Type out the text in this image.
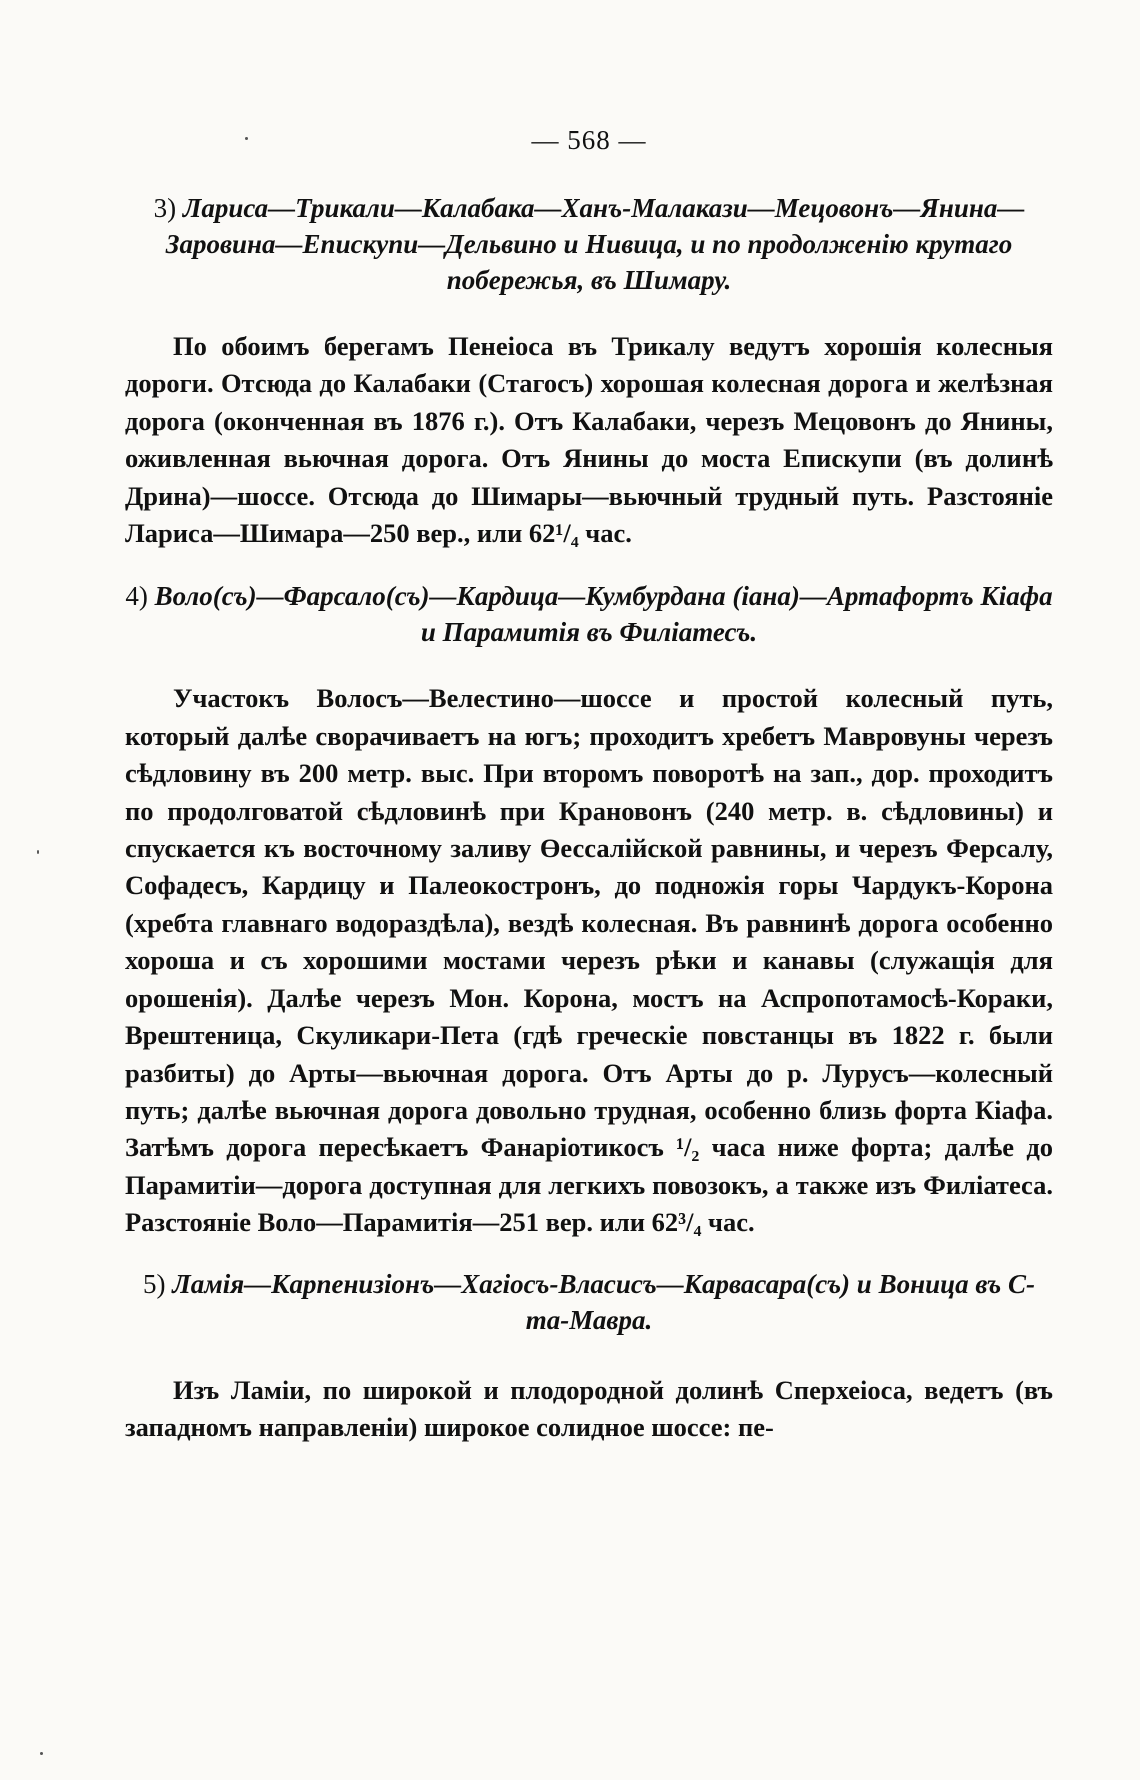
— 568 —

3) Лариса—Трикали—Калабака—Ханъ-Малакази—Мецовонъ—Янина—Заровина—Епискупи—Дельвино и Нивица, и по продолженію крутаго побережья, въ Шимару.

По обоимъ берегамъ Пенеіоса въ Трикалу ведутъ хорошія колесныя дороги. Отсюда до Калабаки (Стагосъ) хорошая колесная дорога и желѣзная дорога (оконченная въ 1876 г.). Отъ Калабаки, черезъ Мецовонъ до Янины, оживленная вьючная дорога. Отъ Янины до моста Епискупи (въ долинѣ Дрина)—шоссе. Отсюда до Шимары—вьючный трудный путь. Разстояніе Лариса—Шимара—250 вер., или 62¹/₄ час.

4) Воло(съ)—Фарсало(съ)—Кардица—Кумбурдана (іана)—Артафортъ Кіафа и Парамитія въ Филіатесъ.

Участокъ Волосъ—Велестино—шоссе и простой колесный путь, который далѣе сворачиваетъ на югъ; проходитъ хребетъ Мавровуны черезъ сѣдловину въ 200 метр. выс. При второмъ поворотѣ на зап., дор. проходитъ по продолговатой сѣдловинѣ при Крановонъ (240 метр. в. сѣдловины) и спускается къ восточному заливу Өессалійской равнины, и черезъ Ферсалу, Софадесъ, Кардицу и Палеокостронъ, до подножія горы Чардукъ-Корона (хребта главнаго водораздѣла), вездѣ колесная. Въ равнинѣ дорога особенно хороша и съ хорошими мостами черезъ рѣки и канавы (служащія для орошенія). Далѣе черезъ Мон. Корона, мостъ на Аспропотамосѣ-Кораки, Врештеница, Скуликари-Пета (гдѣ греческіе повстанцы въ 1822 г. были разбиты) до Арты—вьючная дорога. Отъ Арты до р. Лурусъ—колесный путь; далѣе вьючная дорога довольно трудная, особенно близь форта Кіафа. Затѣмъ дорога пересѣкаетъ Фанаріотикосъ ¹/₂ часа ниже форта; далѣе до Парамитіи—дорога доступная для легкихъ повозокъ, а также изъ Филіатеса. Разстояніе Воло—Парамитія—251 вер. или 62³/₄ час.

5) Ламія—Карпенизіонъ—Хагіосъ-Власисъ—Карвасара(съ) и Воница въ С-та-Мавра.

Изъ Ламіи, по широкой и плодородной долинѣ Сперхеіоса, ведетъ (въ западномъ направленіи) широкое солидное шоссе: пе-
